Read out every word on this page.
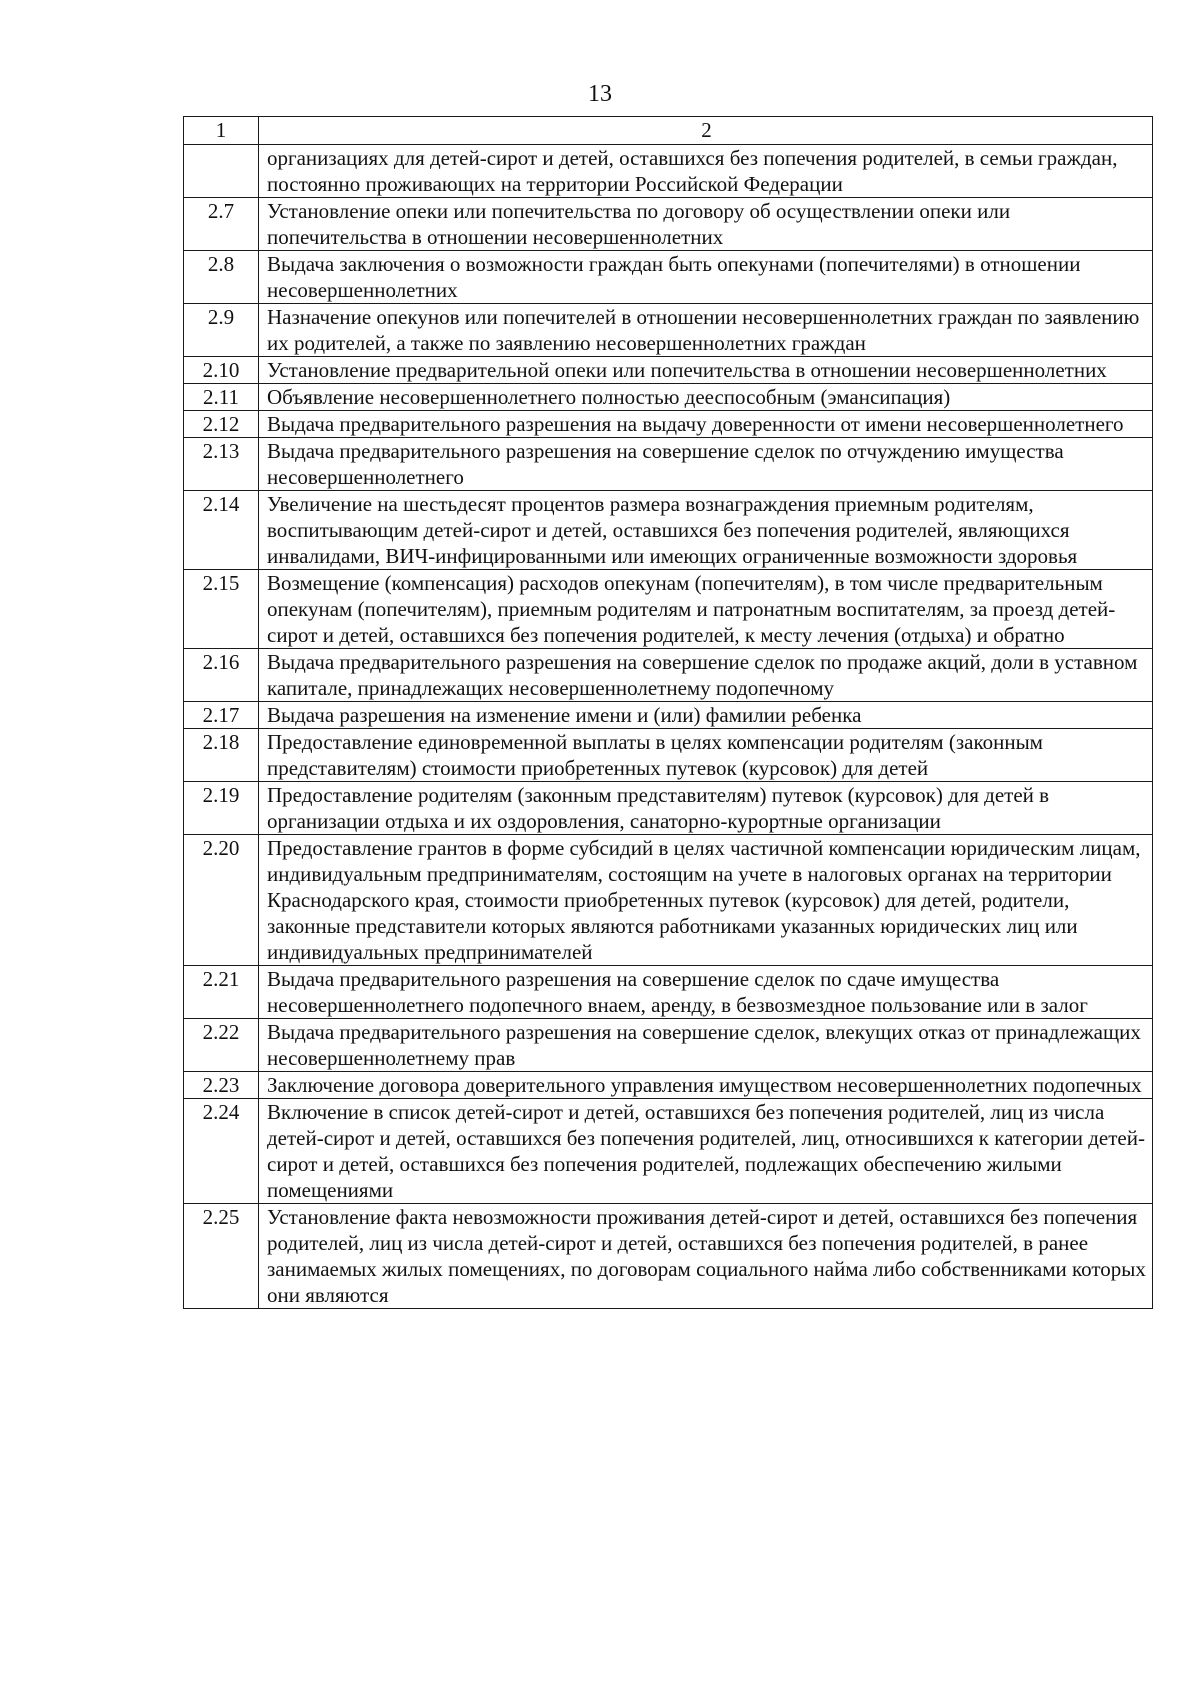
13
1	2
	организациях для детей-сирот и детей, оставшихся без попечения родителей, в семьи граждан, постоянно проживающих на территории Российской Федерации
2.7	Установление опеки или попечительства по договору об осуществлении опеки или попечительства в отношении несовершеннолетних
2.8	Выдача заключения о возможности граждан быть опекунами (попечителями) в отношении несовершеннолетних
2.9	Назначение опекунов или попечителей в отношении несовершеннолетних граждан по заявлению их родителей, а также по заявлению несовершеннолетних граждан
2.10	Установление предварительной опеки или попечительства в отношении несовершеннолетних
2.11	Объявление несовершеннолетнего полностью дееспособным (эмансипация)
2.12	Выдача предварительного разрешения на выдачу доверенности от имени несовершеннолетнего
2.13	Выдача предварительного разрешения на совершение сделок по отчуждению имущества несовершеннолетнего
2.14	Увеличение на шестьдесят процентов размера вознаграждения приемным родителям, воспитывающим детей-сирот и детей, оставшихся без попечения родителей, являющихся инвалидами, ВИЧ-инфицированными или имеющих ограниченные возможности здоровья
2.15	Возмещение (компенсация) расходов опекунам (попечителям), в том числе предварительным опекунам (попечителям), приемным родителям и патронатным воспитателям, за проезд детей-сирот и детей, оставшихся без попечения родителей, к месту лечения (отдыха) и обратно
2.16	Выдача предварительного разрешения на совершение сделок по продаже акций, доли в уставном капитале, принадлежащих несовершеннолетнему подопечному
2.17	Выдача разрешения на изменение имени и (или) фамилии ребенка
2.18	Предоставление единовременной выплаты в целях компенсации родителям (законным представителям) стоимости приобретенных путевок (курсовок) для детей
2.19	Предоставление родителям (законным представителям) путевок (курсовок) для детей в организации отдыха и их оздоровления, санаторно-курортные организации
2.20	Предоставление грантов в форме субсидий в целях частичной компенсации юридическим лицам, индивидуальным предпринимателям, состоящим на учете в налоговых органах на территории Краснодарского края, стоимости приобретенных путевок (курсовок) для детей, родители, законные представители которых являются работниками указанных юридических лиц или индивидуальных предпринимателей
2.21	Выдача предварительного разрешения на совершение сделок по сдаче имущества несовершеннолетнего подопечного внаем, аренду, в безвозмездное пользование или в залог
2.22	Выдача предварительного разрешения на совершение сделок, влекущих отказ от принадлежащих несовершеннолетнему прав
2.23	Заключение договора доверительного управления имуществом несовершеннолетних подопечных
2.24	Включение в список детей-сирот и детей, оставшихся без попечения родителей, лиц из числа детей-сирот и детей, оставшихся без попечения родителей, лиц, относившихся к категории детей-сирот и детей, оставшихся без попечения родителей, подлежащих обеспечению жилыми помещениями
2.25	Установление факта невозможности проживания детей-сирот и детей, оставшихся без попечения родителей, лиц из числа детей-сирот и детей, оставшихся без попечения родителей, в ранее занимаемых жилых помещениях, по договорам социального найма либо собственниками которых они являются
